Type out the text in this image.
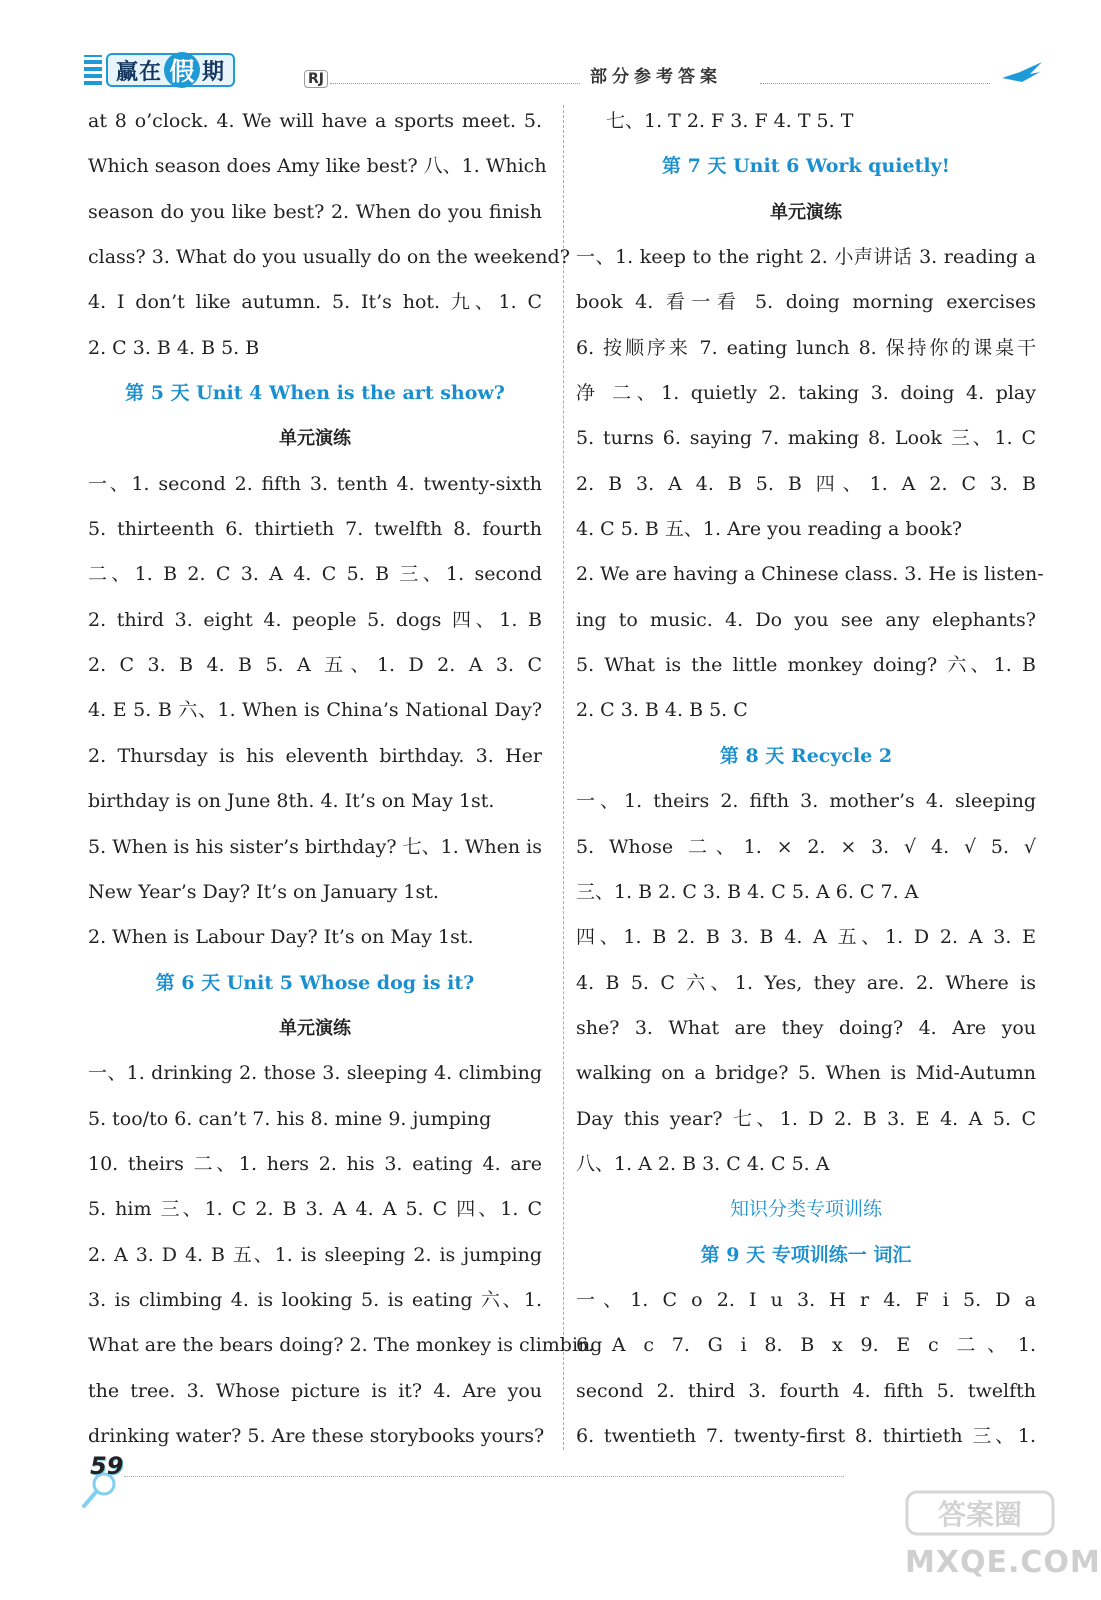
赢在 假 期	RJ	部分参考答案
at 8 o’clock. 4. We will have a sports meet. 5.
Which season does Amy like best? 八、1. Which
season do you like best? 2. When do you finish
class? 3. What do you usually do on the weekend?
4. I don’t like autumn. 5. It’s hot. 九、1. C
2. C 3. B 4. B 5. B
第 5 天 Unit 4 When is the art show?
单元演练
一、1. second 2. fifth 3. tenth 4. twenty-sixth
5. thirteenth 6. thirtieth 7. twelfth 8. fourth
二、1. B 2. C 3. A 4. C 5. B 三、1. second
2. third 3. eight 4. people 5. dogs 四、1. B
2. C 3. B 4. B 5. A 五、1. D 2. A 3. C
4. E 5. B 六、1. When is China’s National Day?
2. Thursday is his eleventh birthday. 3. Her
birthday is on June 8th. 4. It’s on May 1st.
5. When is his sister’s birthday? 七、1. When is
New Year’s Day? It’s on January 1st.
2. When is Labour Day? It’s on May 1st.
第 6 天 Unit 5 Whose dog is it?
单元演练
一、1. drinking 2. those 3. sleeping 4. climbing
5. too/to 6. can’t 7. his 8. mine 9. jumping
10. theirs 二、1. hers 2. his 3. eating 4. are
5. him 三、1. C 2. B 3. A 4. A 5. C 四、1. C
2. A 3. D 4. B 五、1. is sleeping 2. is jumping
3. is climbing 4. is looking 5. is eating 六、1.
What are the bears doing? 2. The monkey is climbing
the tree. 3. Whose picture is it? 4. Are you
drinking water? 5. Are these storybooks yours?
七、1. T 2. F 3. F 4. T 5. T
第 7 天 Unit 6 Work quietly!
单元演练
一、1. keep to the right 2. 小声讲话 3. reading a
book 4. 看一看 5. doing morning exercises
6. 按顺序来 7. eating lunch 8. 保持你的课桌干
净 二、1. quietly 2. taking 3. doing 4. play
5. turns 6. saying 7. making 8. Look 三、1. C
2. B 3. A 4. B 5. B 四、1. A 2. C 3. B
4. C 5. B 五、1. Are you reading a book?
2. We are having a Chinese class. 3. He is listen-
ing to music. 4. Do you see any elephants?
5. What is the little monkey doing? 六、1. B
2. C 3. B 4. B 5. C
第 8 天 Recycle 2
一、1. theirs 2. fifth 3. mother’s 4. sleeping
5. Whose 二、1. × 2. × 3. √ 4. √ 5. √
三、1. B 2. C 3. B 4. C 5. A 6. C 7. A
四、1. B 2. B 3. B 4. A 五、1. D 2. A 3. E
4. B 5. C 六、1. Yes, they are. 2. Where is
she? 3. What are they doing? 4. Are you
walking on a bridge? 5. When is Mid-Autumn
Day this year? 七、1. D 2. B 3. E 4. A 5. C
八、1. A 2. B 3. C 4. C 5. A
知识分类专项训练
第 9 天 专项训练一 词汇
一、1. C o 2. I u 3. H r 4. F i 5. D a
6. A c 7. G i 8. B x 9. E c 二、1.
second 2. third 3. fourth 4. fifth 5. twelfth
6. twentieth 7. twenty-first 8. thirtieth 三、1.
59
答案圈
MXQE.COM
